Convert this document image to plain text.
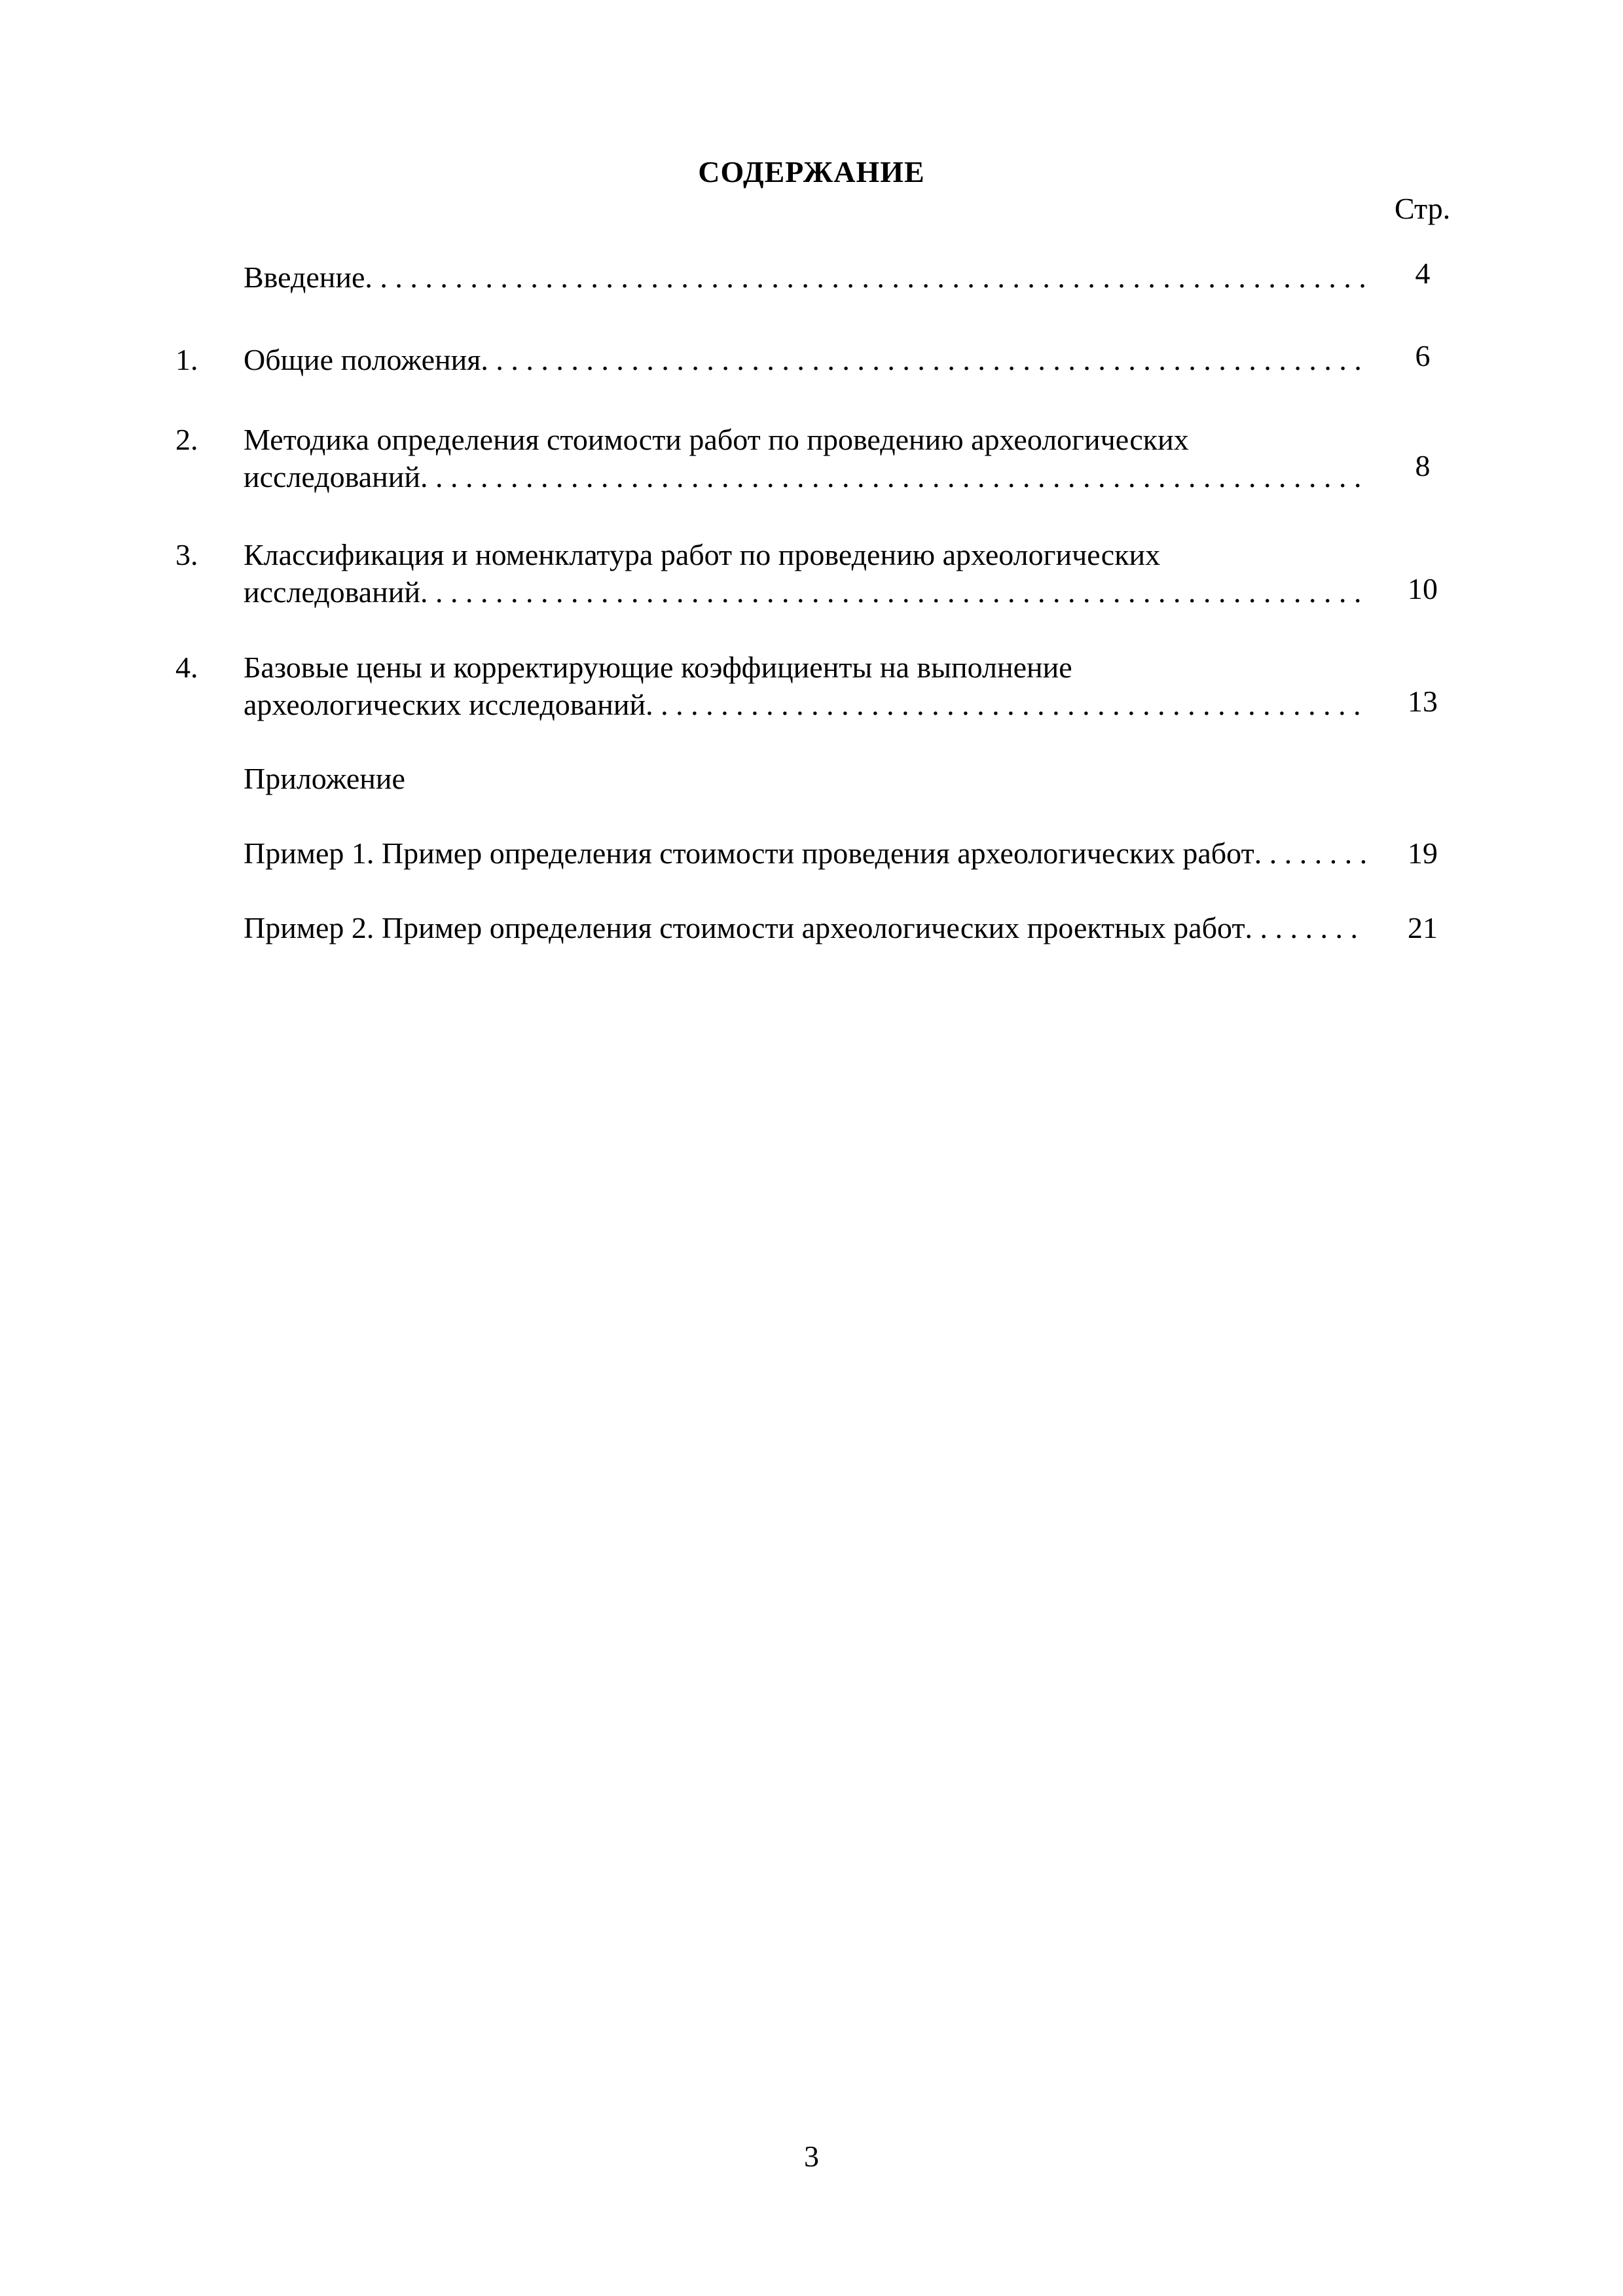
СОДЕРЖАНИЕ
Стр.
Введение . . .	4
1. Общие положения . . .	6
2. Методика определения стоимости работ по проведению археологических
исследований . . .	8
3. Классификация и номенклатура работ по проведению археологических
исследований . . .	10
4. Базовые цены и корректирующие коэффициенты на выполнение
археологических исследований . . .	13
Приложение
Пример 1. Пример определения стоимости проведения археологических работ . . .	19
Пример 2. Пример определения стоимости археологических проектных работ . . .	21
3
